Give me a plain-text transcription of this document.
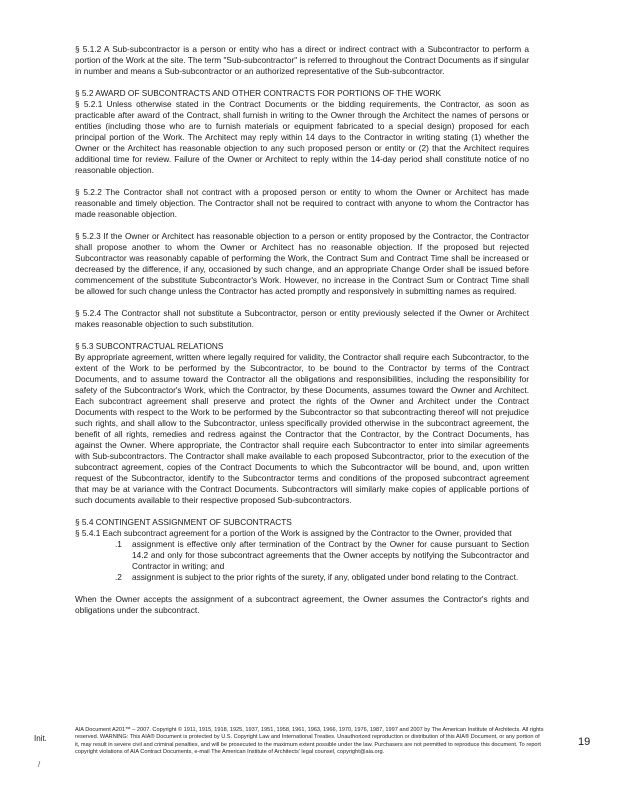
§ 5.1.2 A Sub-subcontractor is a person or entity who has a direct or indirect contract with a Subcontractor to perform a portion of the Work at the site. The term "Sub-subcontractor" is referred to throughout the Contract Documents as if singular in number and means a Sub-subcontractor or an authorized representative of the Sub-subcontractor.

§ 5.2 AWARD OF SUBCONTRACTS AND OTHER CONTRACTS FOR PORTIONS OF THE WORK

§ 5.2.1 Unless otherwise stated in the Contract Documents or the bidding requirements, the Contractor, as soon as practicable after award of the Contract, shall furnish in writing to the Owner through the Architect the names of persons or entities (including those who are to furnish materials or equipment fabricated to a special design) proposed for each principal portion of the Work. The Architect may reply within 14 days to the Contractor in writing stating (1) whether the Owner or the Architect has reasonable objection to any such proposed person or entity or (2) that the Architect requires additional time for review. Failure of the Owner or Architect to reply within the 14-day period shall constitute notice of no reasonable objection.

§ 5.2.2 The Contractor shall not contract with a proposed person or entity to whom the Owner or Architect has made reasonable and timely objection. The Contractor shall not be required to contract with anyone to whom the Contractor has made reasonable objection.

§ 5.2.3 If the Owner or Architect has reasonable objection to a person or entity proposed by the Contractor, the Contractor shall propose another to whom the Owner or Architect has no reasonable objection. If the proposed but rejected Subcontractor was reasonably capable of performing the Work, the Contract Sum and Contract Time shall be increased or decreased by the difference, if any, occasioned by such change, and an appropriate Change Order shall be issued before commencement of the substitute Subcontractor's Work. However, no increase in the Contract Sum or Contract Time shall be allowed for such change unless the Contractor has acted promptly and responsively in submitting names as required.

§ 5.2.4 The Contractor shall not substitute a Subcontractor, person or entity previously selected if the Owner or Architect makes reasonable objection to such substitution.

§ 5.3 SUBCONTRACTUAL RELATIONS

By appropriate agreement, written where legally required for validity, the Contractor shall require each Subcontractor, to the extent of the Work to be performed by the Subcontractor, to be bound to the Contractor by terms of the Contract Documents, and to assume toward the Contractor all the obligations and responsibilities, including the responsibility for safety of the Subcontractor's Work, which the Contractor, by these Documents, assumes toward the Owner and Architect. Each subcontract agreement shall preserve and protect the rights of the Owner and Architect under the Contract Documents with respect to the Work to be performed by the Subcontractor so that subcontracting thereof will not prejudice such rights, and shall allow to the Subcontractor, unless specifically provided otherwise in the subcontract agreement, the benefit of all rights, remedies and redress against the Contractor that the Contractor, by the Contract Documents, has against the Owner. Where appropriate, the Contractor shall require each Subcontractor to enter into similar agreements with Sub-subcontractors. The Contractor shall make available to each proposed Subcontractor, prior to the execution of the subcontract agreement, copies of the Contract Documents to which the Subcontractor will be bound, and, upon written request of the Subcontractor, identify to the Subcontractor terms and conditions of the proposed subcontract agreement that may be at variance with the Contract Documents. Subcontractors will similarly make copies of applicable portions of such documents available to their respective proposed Sub-subcontractors.

§ 5.4 CONTINGENT ASSIGNMENT OF SUBCONTRACTS

§ 5.4.1 Each subcontract agreement for a portion of the Work is assigned by the Contractor to the Owner, provided that

.1 assignment is effective only after termination of the Contract by the Owner for cause pursuant to Section 14.2 and only for those subcontract agreements that the Owner accepts by notifying the Subcontractor and Contractor in writing; and
.2 assignment is subject to the prior rights of the surety, if any, obligated under bond relating to the Contract.

When the Owner accepts the assignment of a subcontract agreement, the Owner assumes the Contractor's rights and obligations under the subcontract.

Init.
/
AIA Document A201™ – 2007. Copyright © 1911, 1915, 1918, 1925, 1937, 1951, 1958, 1961, 1963, 1966, 1970, 1976, 1987, 1997 and 2007 by The American Institute of Architects. All rights reserved. WARNING: This AIA® Document is protected by U.S. Copyright Law and International Treaties. Unauthorized reproduction or distribution of this AIA® Document, or any portion of it, may result in severe civil and criminal penalties, and will be prosecuted to the maximum extent possible under the law. Purchasers are not permitted to reproduce this document. To report copyright violations of AIA Contract Documents, e-mail The American Institute of Architects' legal counsel, copyright@aia.org.
19
